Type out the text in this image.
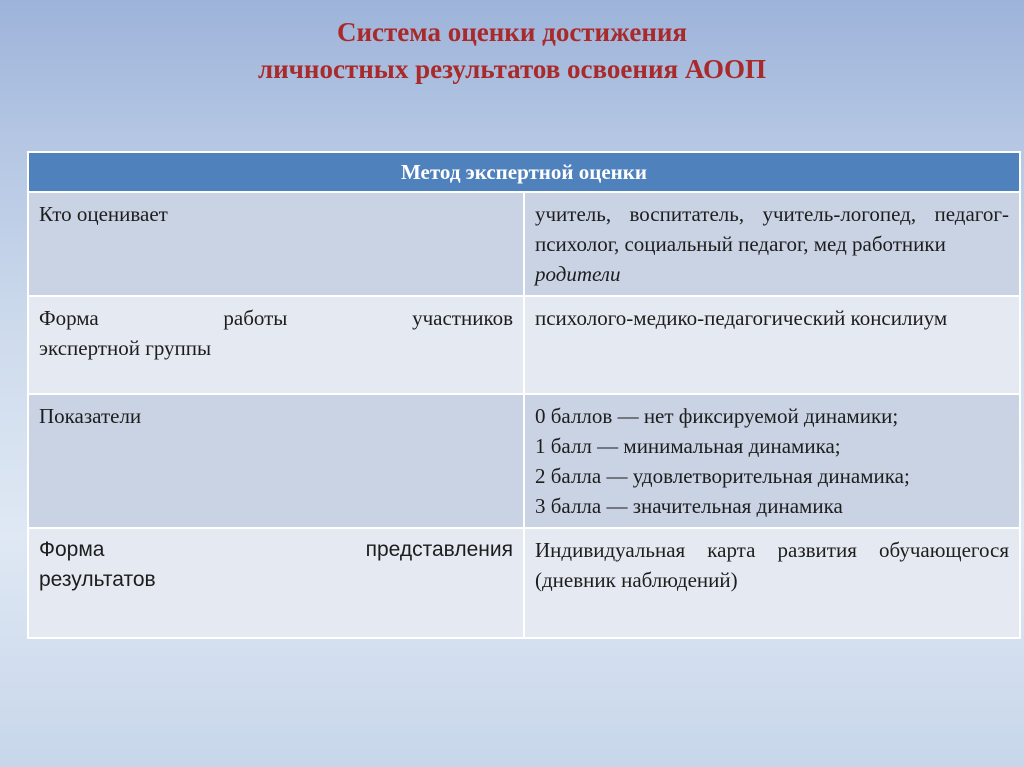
Система оценки достижения
личностных результатов освоения АООП
Метод экспертной оценки	
Кто оценивает	учитель, воспитатель, учитель-логопед, педагог-
психолог, социальный педагог, мед работники
родители

Форма работы участников
экспертной группы	психолого-медико-педагогический консилиум
Показатели	0 баллов — нет фиксируемой динамики;
1 балл — минимальная динамика;
2 балла — удовлетворительная динамика;
3 балла — значительная динамика

Форма представления
результатов	Индивидуальная карта развития обучающегося
(дневник наблюдений)
